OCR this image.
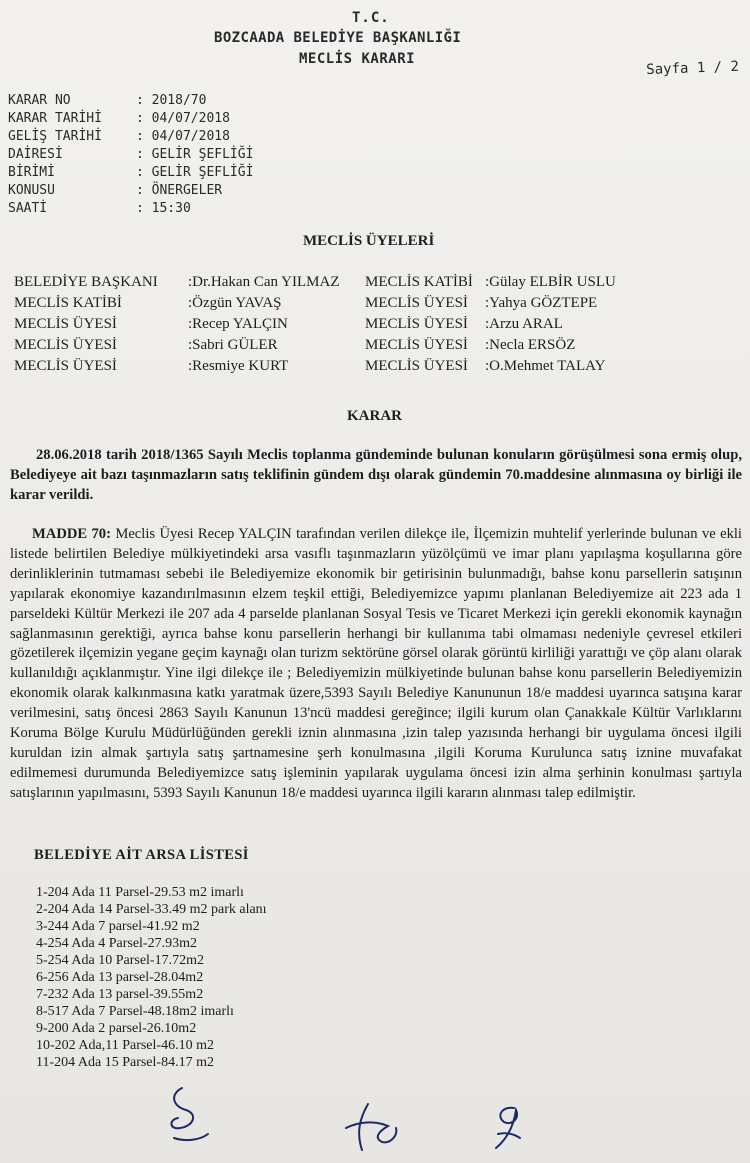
T.C.
BOZCAADA BELEDİYE BAŞKANLIĞI
MECLİS KARARI	Sayfa 1 / 2
KARAR NO	: 2018/70
KARAR TARİHİ	: 04/07/2018
GELİŞ TARİHİ	: 04/07/2018
DAİRESİ	: GELİR ŞEFLİĞİ
BİRİMİ	: GELİR ŞEFLİĞİ
KONUSU	: ÖNERGELER
SAATİ	: 15:30
MECLİS ÜYELERİ
BELEDİYE BAŞKANI	:Dr.Hakan Can YILMAZ	MECLİS KATİBİ	:Gülay ELBİR USLU
MECLİS KATİBİ	:Özgün YAVAŞ	MECLİS ÜYESİ	:Yahya GÖZTEPE
MECLİS ÜYESİ	:Recep YALÇIN	MECLİS ÜYESİ	:Arzu ARAL
MECLİS ÜYESİ	:Sabri GÜLER	MECLİS ÜYESİ	:Necla ERSÖZ
MECLİS ÜYESİ	:Resmiye KURT	MECLİS ÜYESİ	:O.Mehmet TALAY
KARAR
28.06.2018 tarih 2018/1365 Sayılı Meclis toplanma gündeminde bulunan konuların görüşülmesi sona ermiş olup, Belediyeye ait bazı taşınmazların satış teklifinin gündem dışı olarak gündemin 70.maddesine alınmasına oy birliği ile karar verildi.
MADDE 70: Meclis Üyesi Recep YALÇIN tarafından verilen dilekçe ile, İlçemizin muhtelif yerlerinde bulunan ve ekli listede belirtilen Belediye mülkiyetindeki arsa vasıflı taşınmazların yüzölçümü ve imar planı yapılaşma koşullarına göre derinliklerinin tutmaması sebebi ile Belediyemize ekonomik bir getirisinin bulunmadığı, bahse konu parsellerin satışının yapılarak ekonomiye kazandırılmasının elzem teşkil ettiği, Belediyemizce yapımı planlanan Belediyemize ait 223 ada 1 parseldeki Kültür Merkezi ile 207 ada 4 parselde planlanan Sosyal Tesis ve Ticaret Merkezi için gerekli ekonomik kaynağın sağlanmasının gerektiği, ayrıca bahse konu parsellerin herhangi bir kullanıma tabi olmaması nedeniyle çevresel etkileri gözetilerek ilçemizin yegane geçim kaynağı olan turizm sektörüne görsel olarak görüntü kirliliği yarattığı ve çöp alanı olarak kullanıldığı açıklanmıştır. Yine ilgi dilekçe ile ; Belediyemizin mülkiyetinde bulunan bahse konu parsellerin Belediyemizin ekonomik olarak kalkınmasına katkı yaratmak üzere,5393 Sayılı Belediye Kanununun 18/e maddesi uyarınca satışına karar verilmesini, satış öncesi 2863 Sayılı Kanunun 13'ncü maddesi gereğince; ilgili kurum olan Çanakkale Kültür Varlıklarını Koruma Bölge Kurulu Müdürlüğünden gerekli iznin alınmasına ,izin talep yazısında herhangi bir uygulama öncesi ilgili kuruldan izin almak şartıyla satış şartnamesine şerh konulmasına ,ilgili Koruma Kurulunca satış iznine muvafakat edilmemesi durumunda Belediyemizce satış işleminin yapılarak uygulama öncesi izin alma şerhinin konulması şartıyla satışlarının yapılmasını, 5393 Sayılı Kanunun 18/e maddesi uyarınca ilgili kararın alınması talep edilmiştir.
BELEDİYE AİT ARSA LİSTESİ
1-204 Ada 11 Parsel-29.53 m2 imarlı
2-204 Ada 14 Parsel-33.49 m2 park alanı
3-244 Ada 7 parsel-41.92 m2
4-254 Ada 4 Parsel-27.93m2
5-254 Ada 10 Parsel-17.72m2
6-256 Ada 13 parsel-28.04m2
7-232 Ada 13 parsel-39.55m2
8-517 Ada 7 Parsel-48.18m2 imarlı
9-200 Ada 2 parsel-26.10m2
10-202 Ada,11 Parsel-46.10 m2
11-204 Ada 15 Parsel-84.17 m2
